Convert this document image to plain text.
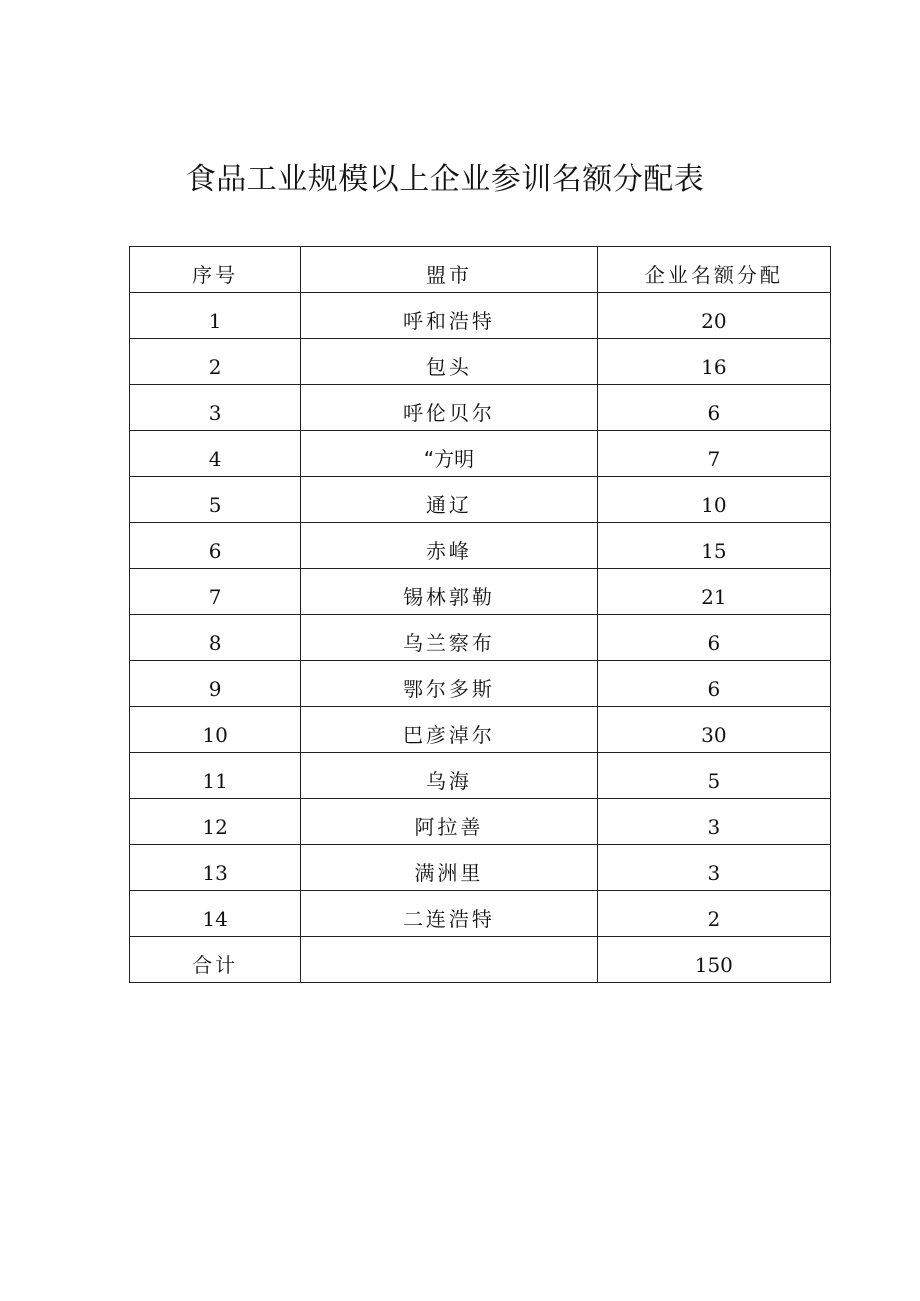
食品工业规模以上企业参训名额分配表
序号	盟市	企业名额分配
1	呼和浩特	20
2	包头	16
3	呼伦贝尔	6
4	“方明	7
5	通辽	10
6	赤峰	15
7	锡林郭勒	21
8	乌兰察布	6
9	鄂尔多斯	6
10	巴彦淖尔	30
11	乌海	5
12	阿拉善	3
13	满洲里	3
14	二连浩特	2
合计		150
